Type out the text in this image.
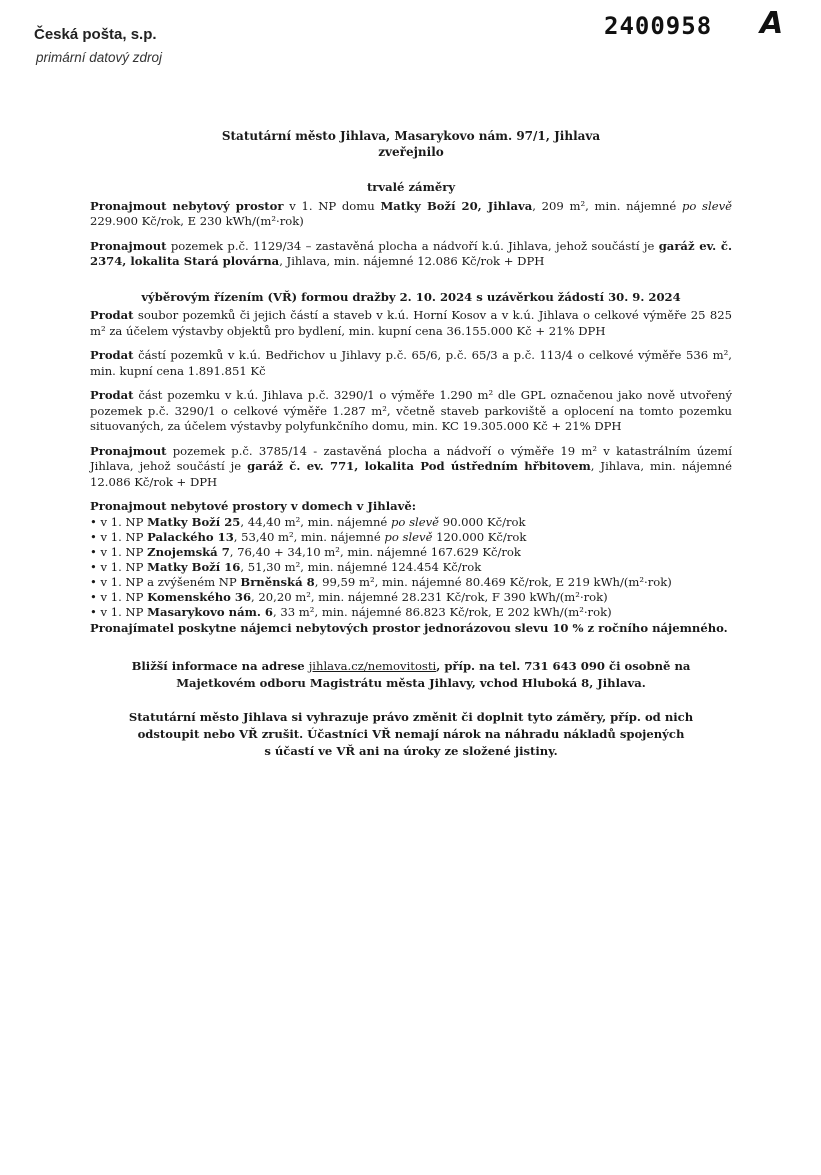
Česká pošta, s.p.
primární datový zdroj
2400958 A
Statutární město Jihlava, Masarykovo nám. 97/1, Jihlava
zveřejnilo
trvalé záměry

Pronajmout nebytový prostor v 1. NP domu Matky Boží 20, Jihlava, 209 m², min. nájemné po slevě 229.900 Kč/rok, E 230 kWh/(m²·rok)

Pronajmout pozemek p.č. 1129/34 – zastavěná plocha a nádvoří k.ú. Jihlava, jehož součástí je garáž ev. č. 2374, lokalita Stará plovárna, Jihlava, min. nájemné 12.086 Kč/rok + DPH

výběrovým řízením (VŘ) formou dražby 2. 10. 2024 s uzávěrkou žádostí 30. 9. 2024

Prodat soubor pozemků či jejich částí a staveb v k.ú. Horní Kosov a v k.ú. Jihlava o celkové výměře 25 825 m² za účelem výstavby objektů pro bydlení, min. kupní cena 36.155.000 Kč + 21% DPH

Prodat částí pozemků v k.ú. Bedřichov u Jihlavy p.č. 65/6, p.č. 65/3 a p.č. 113/4 o celkové výměře 536 m², min. kupní cena 1.891.851 Kč

Prodat část pozemku v k.ú. Jihlava p.č. 3290/1 o výměře 1.290 m² dle GPL označenou jako nově utvořený pozemek p.č. 3290/1 o celkové výměře 1.287 m², včetně staveb parkoviště a oplocení na tomto pozemku situovaných, za účelem výstavby polyfunkčního domu, min. KC 19.305.000 Kč + 21% DPH

Pronajmout pozemek p.č. 3785/14 - zastavěná plocha a nádvoří o výměře 19 m² v katastrálním území Jihlava, jehož součástí je garáž č. ev. 771, lokalita Pod ústředním hřbitovem, Jihlava, min. nájemné 12.086 Kč/rok + DPH

Pronajmout nebytové prostory v domech v Jihlavě:
• v 1. NP Matky Boží 25, 44,40 m², min. nájemné po slevě 90.000 Kč/rok
• v 1. NP Palackého 13, 53,40 m², min. nájemné po slevě 120.000 Kč/rok
• v 1. NP Znojemská 7, 76,40 + 34,10 m², min. nájemné 167.629 Kč/rok
• v 1. NP Matky Boží 16, 51,30 m², min. nájemné 124.454 Kč/rok
• v 1. NP a zvýšeném NP Brněnská 8, 99,59 m², min. nájemné 80.469 Kč/rok, E 219 kWh/(m²·rok)
• v 1. NP Komenského 36, 20,20 m², min. nájemné 28.231 Kč/rok, F 390 kWh/(m²·rok)
• v 1. NP Masarykovo nám. 6, 33 m², min. nájemné 86.823 Kč/rok, E 202 kWh/(m²·rok)
Pronajímatel poskytne nájemci nebytových prostor jednorázovou slevu 10 % z ročního nájemného.
Bližší informace na adrese jihlava.cz/nemovitosti, příp. na tel. 731 643 090 či osobně na Majetkovém odboru Magistrátu města Jihlavy, vchod Hluboká 8, Jihlava.
Statutární město Jihlava si vyhrazuje právo změnit či doplnit tyto záměry, příp. od nich
odstoupit nebo VŘ zrušit. Účastníci VŘ nemají nárok na náhradu nákladů spojených
s účastí ve VŘ ani na úroky ze složené jistiny.
